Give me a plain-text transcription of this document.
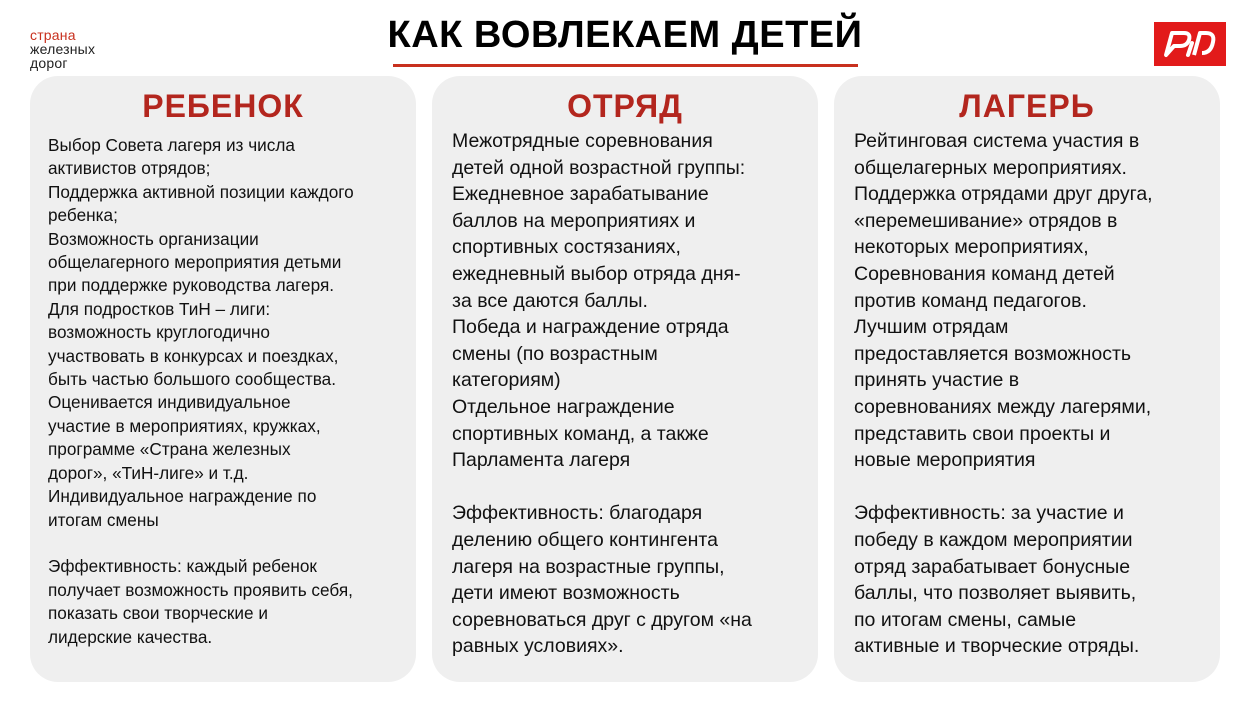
страна
железных
дорог
КАК ВОВЛЕКАЕМ ДЕТЕЙ
РЕБЕНОК
Выбор Совета лагеря из числа
активистов отрядов;
Поддержка активной позиции каждого
ребенка;
Возможность организации
общелагерного мероприятия детьми
при поддержке руководства лагеря.
Для подростков ТиН – лиги:
возможность круглогодично
участвовать в конкурсах и поездках,
быть частью большого сообщества.
Оценивается индивидуальное
участие в мероприятиях, кружках,
программе «Страна железных
дорог», «ТиН-лиге» и т.д.
Индивидуальное награждение по
итогам смены

Эффективность: каждый ребенок
получает возможность проявить себя,
показать свои творческие и
лидерские качества.
ОТРЯД
Межотрядные соревнования
детей одной возрастной группы:
Ежедневное зарабатывание
баллов на мероприятиях и
спортивных состязаниях,
ежедневный выбор отряда дня-
за все даются баллы.
Победа и награждение отряда
смены (по возрастным
категориям)
Отдельное награждение
спортивных команд, а также
Парламента лагеря

Эффективность: благодаря
делению общего контингента
лагеря на возрастные группы,
дети имеют возможность
соревноваться друг с другом «на
равных условиях».
ЛАГЕРЬ
Рейтинговая система участия в
общелагерных мероприятиях.
Поддержка отрядами друг друга,
«перемешивание» отрядов в
некоторых мероприятиях,
Соревнования команд детей
против команд педагогов.
Лучшим отрядам
предоставляется возможность
принять участие в
соревнованиях между лагерями,
представить свои проекты и
новые мероприятия

Эффективность: за участие и
победу в каждом мероприятии
отряд зарабатывает бонусные
баллы, что позволяет выявить,
по итогам смены, самые
активные и творческие отряды.
